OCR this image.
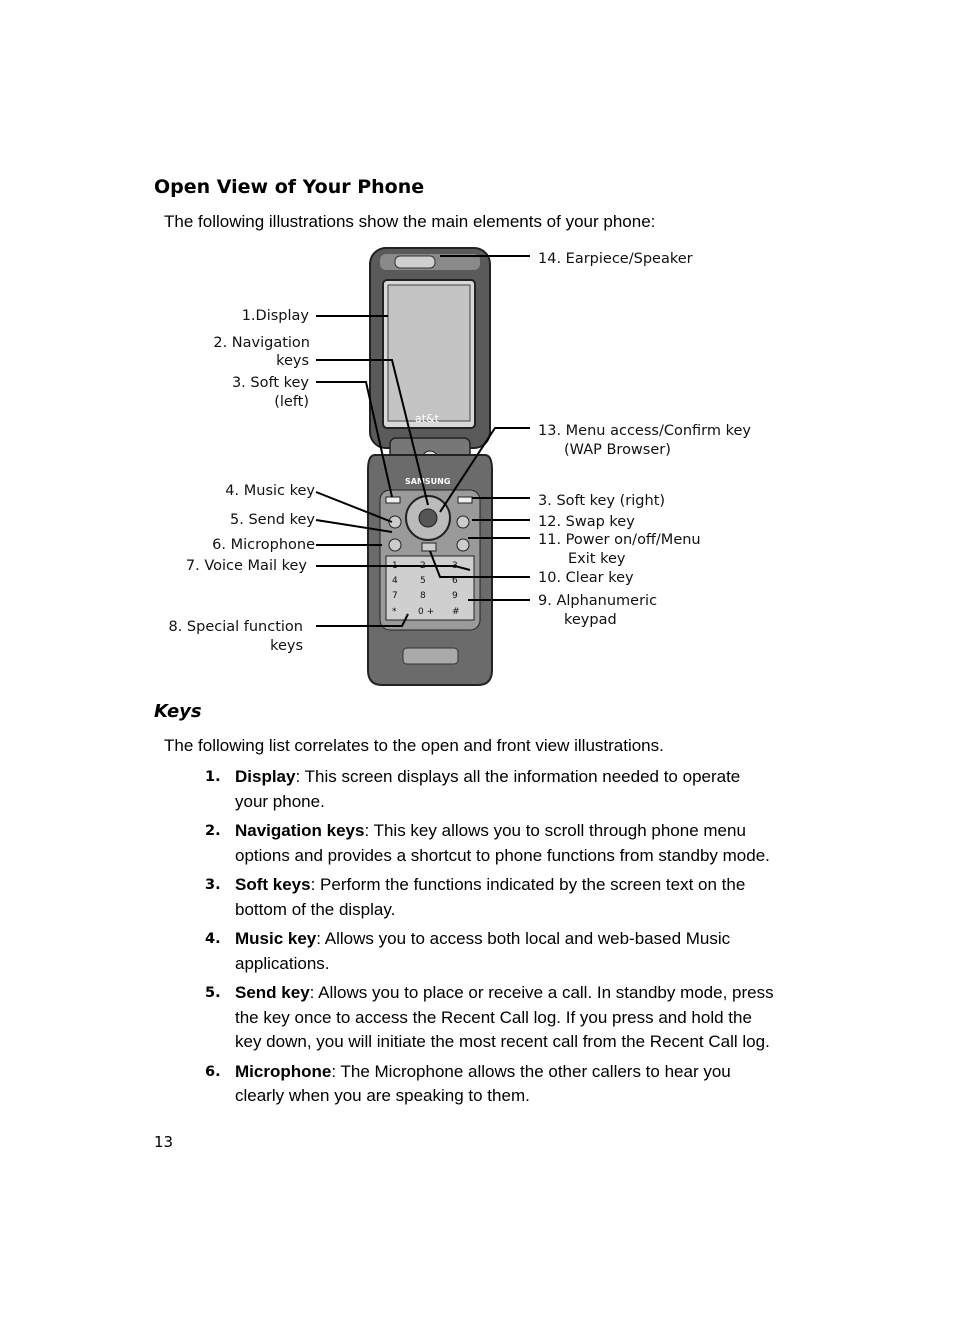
Open View of Your Phone

The following illustrations show the main elements of your phone:

at&t
SAMSUNG
1 2	3
4 5	6
7 8	9
* 0 + #
1.Display
2. Navigation
keys
3. Soft key
(left)
4. Music key
5. Send key
6. Microphone
7. Voice Mail key
8. Special function
keys
14. Earpiece/Speaker
13. Menu access/Confirm key
(WAP Browser)
3. Soft key (right)
12. Swap key
11. Power on/off/Menu
Exit key
10. Clear key
9. Alphanumeric
keypad
Keys

The following list correlates to the open and front view illustrations.

1. Display: This screen displays all the information needed to operate your phone.
2. Navigation keys: This key allows you to scroll through phone menu options and provides a shortcut to phone functions from standby mode.
3. Soft keys: Perform the functions indicated by the screen text on the bottom of the display.
4. Music key: Allows you to access both local and web-based Music applications.
5. Send key: Allows you to place or receive a call. In standby mode, press the key once to access the Recent Call log. If you press and hold the key down, you will initiate the most recent call from the Recent Call log.
6. Microphone: The Microphone allows the other callers to hear you clearly when you are speaking to them.
13
